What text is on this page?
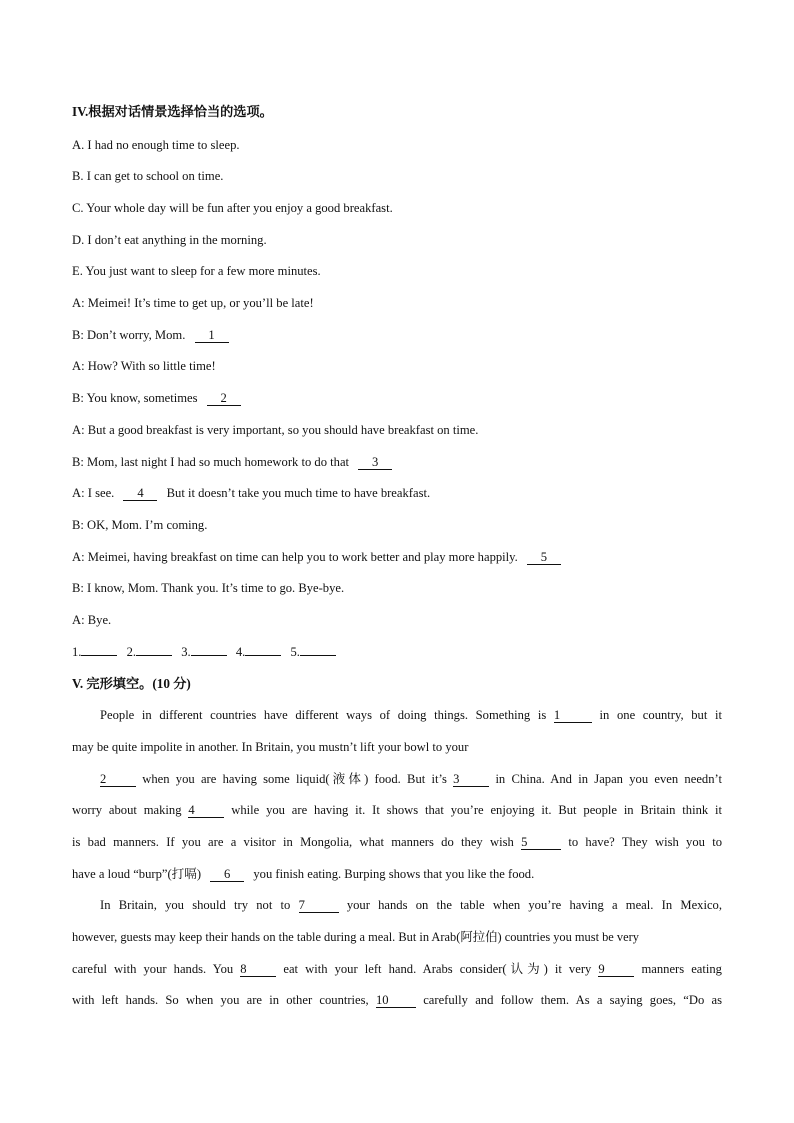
IV.根据对话情景选择恰当的选项。
A. I had no enough time to sleep.
B. I can get to school on time.
C. Your whole day will be fun after you enjoy a good breakfast.
D. I don’t eat anything in the morning.
E. You just want to sleep for a few more minutes.
A: Meimei! It’s time to get up, or you’ll be late!
B: Don’t worry, Mom. 1
A: How? With so little time!
B: You know, sometimes 2
A: But a good breakfast is very important, so you should have breakfast on time.
B: Mom, last night I had so much homework to do that 3
A: I see. 4 But it doesn’t take you much time to have breakfast.
B: OK, Mom. I’m coming.
A: Meimei, having breakfast on time can help you to work better and play more happily. 5
B: I know, Mom. Thank you. It’s time to go. Bye-bye.
A: Bye.
1.	2.	3.	4.	5.
V. 完形填空。(10 分)
People in different countries have different ways of doing things. Something is 1	in one country, but it
may be quite impolite in another. In Britain, you mustn’t lift your bowl to your
2	when you are having some liquid(液体) food. But it’s 3	in China. And in Japan you even needn’t
worry about making 4	while you are having it. It shows that you’re enjoying it. But people in Britain think it
is bad manners. If you are a visitor in Mongolia, what manners do they wish 5	to have? They wish you to
have a loud “burp”(打嗝) 6 you finish eating. Burping shows that you like the food.
In Britain, you should try not to 7	your hands on the table when you’re having a meal. In Mexico,
however, guests may keep their hands on the table during a meal. But in Arab(阿拉伯) countries you must be very
careful with your hands. You 8	eat with your left hand. Arabs consider(认为) it very 9	manners eating
with left hands. So when you are in other countries, 10	carefully and follow them. As a saying goes, “Do as
